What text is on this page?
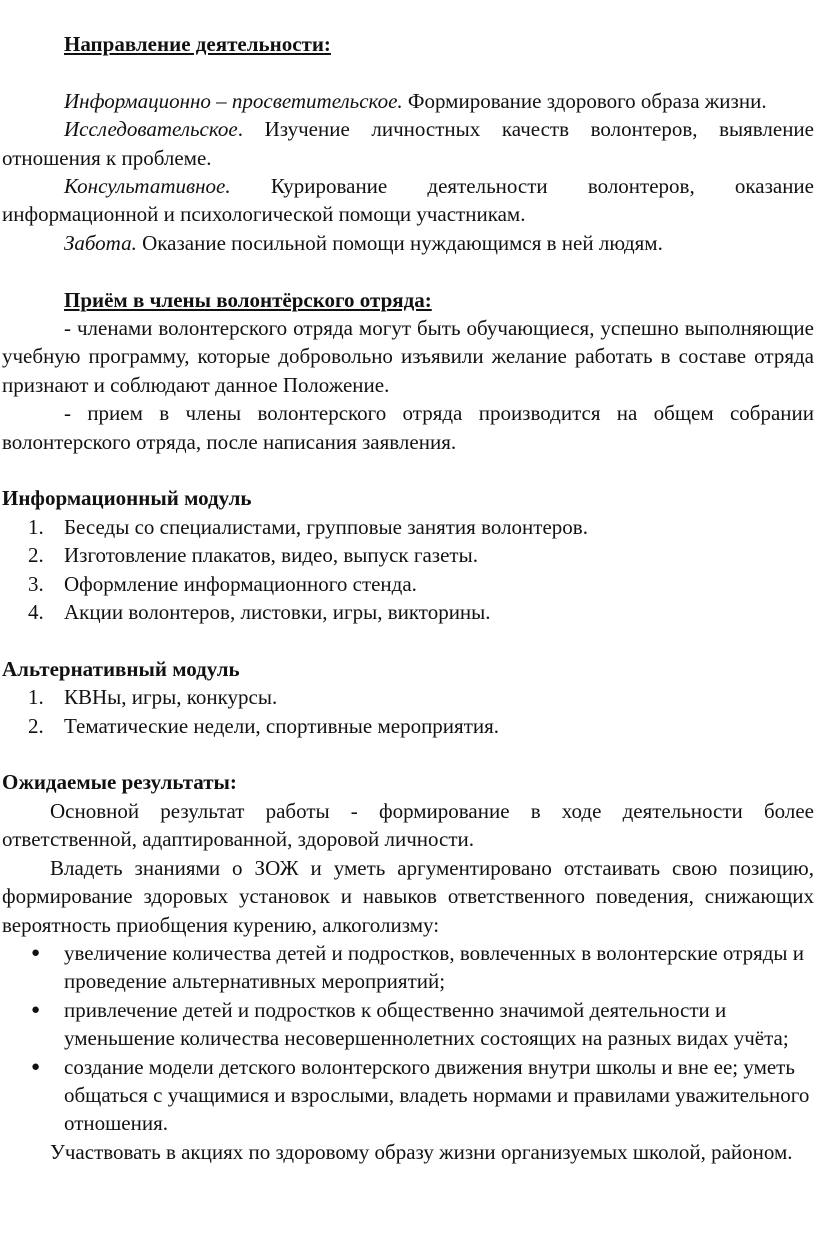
Направление деятельности:

Информационно – просветительское. Формирование здорового образа жизни.

Исследовательское. Изучение личностных качеств волонтеров, выявление отношения к проблеме.

Консультативное. Курирование деятельности волонтеров, оказание информационной и психологической помощи участникам.

Забота. Оказание посильной помощи нуждающимся в ней людям.

Приём в члены волонтёрского отряда:

- членами волонтерского отряда могут быть обучающиеся, успешно выполняющие учебную программу, которые добровольно изъявили желание работать в составе отряда признают и соблюдают данное Положение.

- прием в члены волонтерского отряда производится на общем собрании волонтерского отряда, после написания заявления.

Информационный модуль

1. Беседы со специалистами, групповые занятия волонтеров.
2. Изготовление плакатов, видео, выпуск газеты.
3. Оформление информационного стенда.
4. Акции волонтеров, листовки, игры, викторины.

Альтернативный модуль

1. КВНы, игры, конкурсы.
2. Тематические недели, спортивные мероприятия.

Ожидаемые результаты:

Основной результат работы - формирование в ходе деятельности более ответственной, адаптированной, здоровой личности.

Владеть знаниями о ЗОЖ и уметь аргументировано отстаивать свою позицию, формирование здоровых установок и навыков ответственного поведения, снижающих вероятность приобщения курению, алкоголизму:

● увеличение количества детей и подростков, вовлеченных в волонтерские отряды и проведение альтернативных мероприятий;
● привлечение детей и подростков к общественно значимой деятельности и уменьшение количества несовершеннолетних состоящих на разных видах учёта;
● создание модели детского волонтерского движения внутри школы и вне ее; уметь общаться с учащимися и взрослыми, владеть нормами и правилами уважительного отношения.

Участвовать в акциях по здоровому образу жизни организуемых школой, районом.
